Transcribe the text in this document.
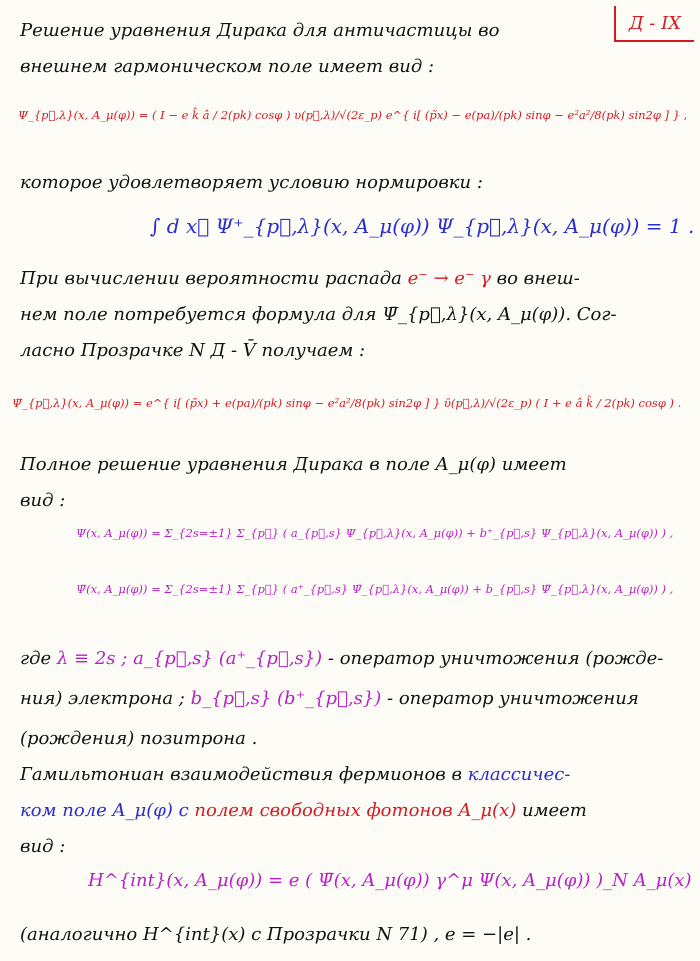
Д - IX
Решение уравнения Дирака для античастицы во
внешнем гармоническом поле имеет вид :
Ψ_{p⃗,λ}(x, A_μ(φ)) = ( I − e k̂ â / 2(pk) cosφ ) υ(p⃗,λ)/√(2ε_p) e^{ i[ (p̃x) − e(pa)/(pk) sinφ − e²a²/8(pk) sin2φ ] } ,
которое удовлетворяет условию нормировки :
∫ d x⃗ Ψ⁺_{p⃗,λ}(x, A_μ(φ)) Ψ_{p⃗,λ}(x, A_μ(φ)) = 1 .
При вычислении вероятности распада e⁻ → e⁻ γ во внеш-
нем поле потребуется формула для Ψ̄_{p⃗,λ}(x, A_μ(φ)). Сог-
ласно Прозрачке N Д - V̄ получаем :
Ψ̄_{p⃗,λ}(x, A_μ(φ)) = e^{ i[ (p̃x) + e(pa)/(pk) sinφ − e²a²/8(pk) sin2φ ] } ῡ(p⃗,λ)/√(2ε_p) ( I + e â k̂ / 2(pk) cosφ ) .
Полное решение уравнения Дирака в поле A_μ(φ) имеет
вид :
Ψ(x, A_μ(φ)) = Σ_{2s=±1} Σ_{p⃗} ( a_{p⃗,s} Ψ_{p⃗,λ}(x, A_μ(φ)) + b⁺_{p⃗,s} Ψ_{p⃗,λ}(x, A_μ(φ)) ) ,
Ψ̄(x, A_μ(φ)) = Σ_{2s=±1} Σ_{p⃗} ( a⁺_{p⃗,s} Ψ̄_{p⃗,λ}(x, A_μ(φ)) + b_{p⃗,s} Ψ̄_{p⃗,λ}(x, A_μ(φ)) ) ,
где λ ≡ 2s ; a_{p⃗,s} (a⁺_{p⃗,s}) - оператор уничтожения (рожде-
ния) электрона ; b_{p⃗,s} (b⁺_{p⃗,s}) - оператор уничтожения
(рождения) позитрона .
Гамильтониан взаимодействия фермионов в классичес-
ком поле A_μ(φ) с полем свободных фотонов A_μ(x) имеет
вид :
H^{int}(x, A_μ(φ)) = e ( Ψ̄(x, A_μ(φ)) γ^μ Ψ(x, A_μ(φ)) )_N A_μ(x)
(аналогично H^{int}(x) с Прозрачки N 71) , e = −|e| .
